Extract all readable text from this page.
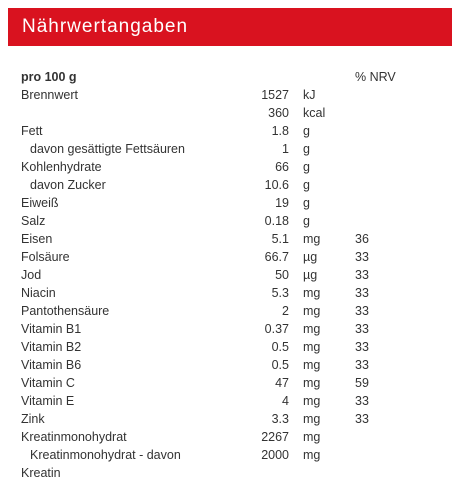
Nährwertangaben
pro 100 g	% NRV
Brennwert	1527 kJ
360 kcal
Fett	1.8 g
davon gesättigte Fettsäuren	1 g
Kohlenhydrate	66 g
davon Zucker	10.6 g
Eiweiß	19 g
Salz	0.18 g
Eisen	5.1 mg	36
Folsäure	66.7 µg	33
Jod	50 µg	33
Niacin	5.3 mg	33
Pantothensäure	2 mg	33
Vitamin B1	0.37 mg	33
Vitamin B2	0.5 mg	33
Vitamin B6	0.5 mg	33
Vitamin C	47 mg	59
Vitamin E	4 mg	33
Zink	3.3 mg	33
Kreatinmonohydrat	2267 mg
Kreatinmonohydrat - davon	2000 mg
Kreatin
